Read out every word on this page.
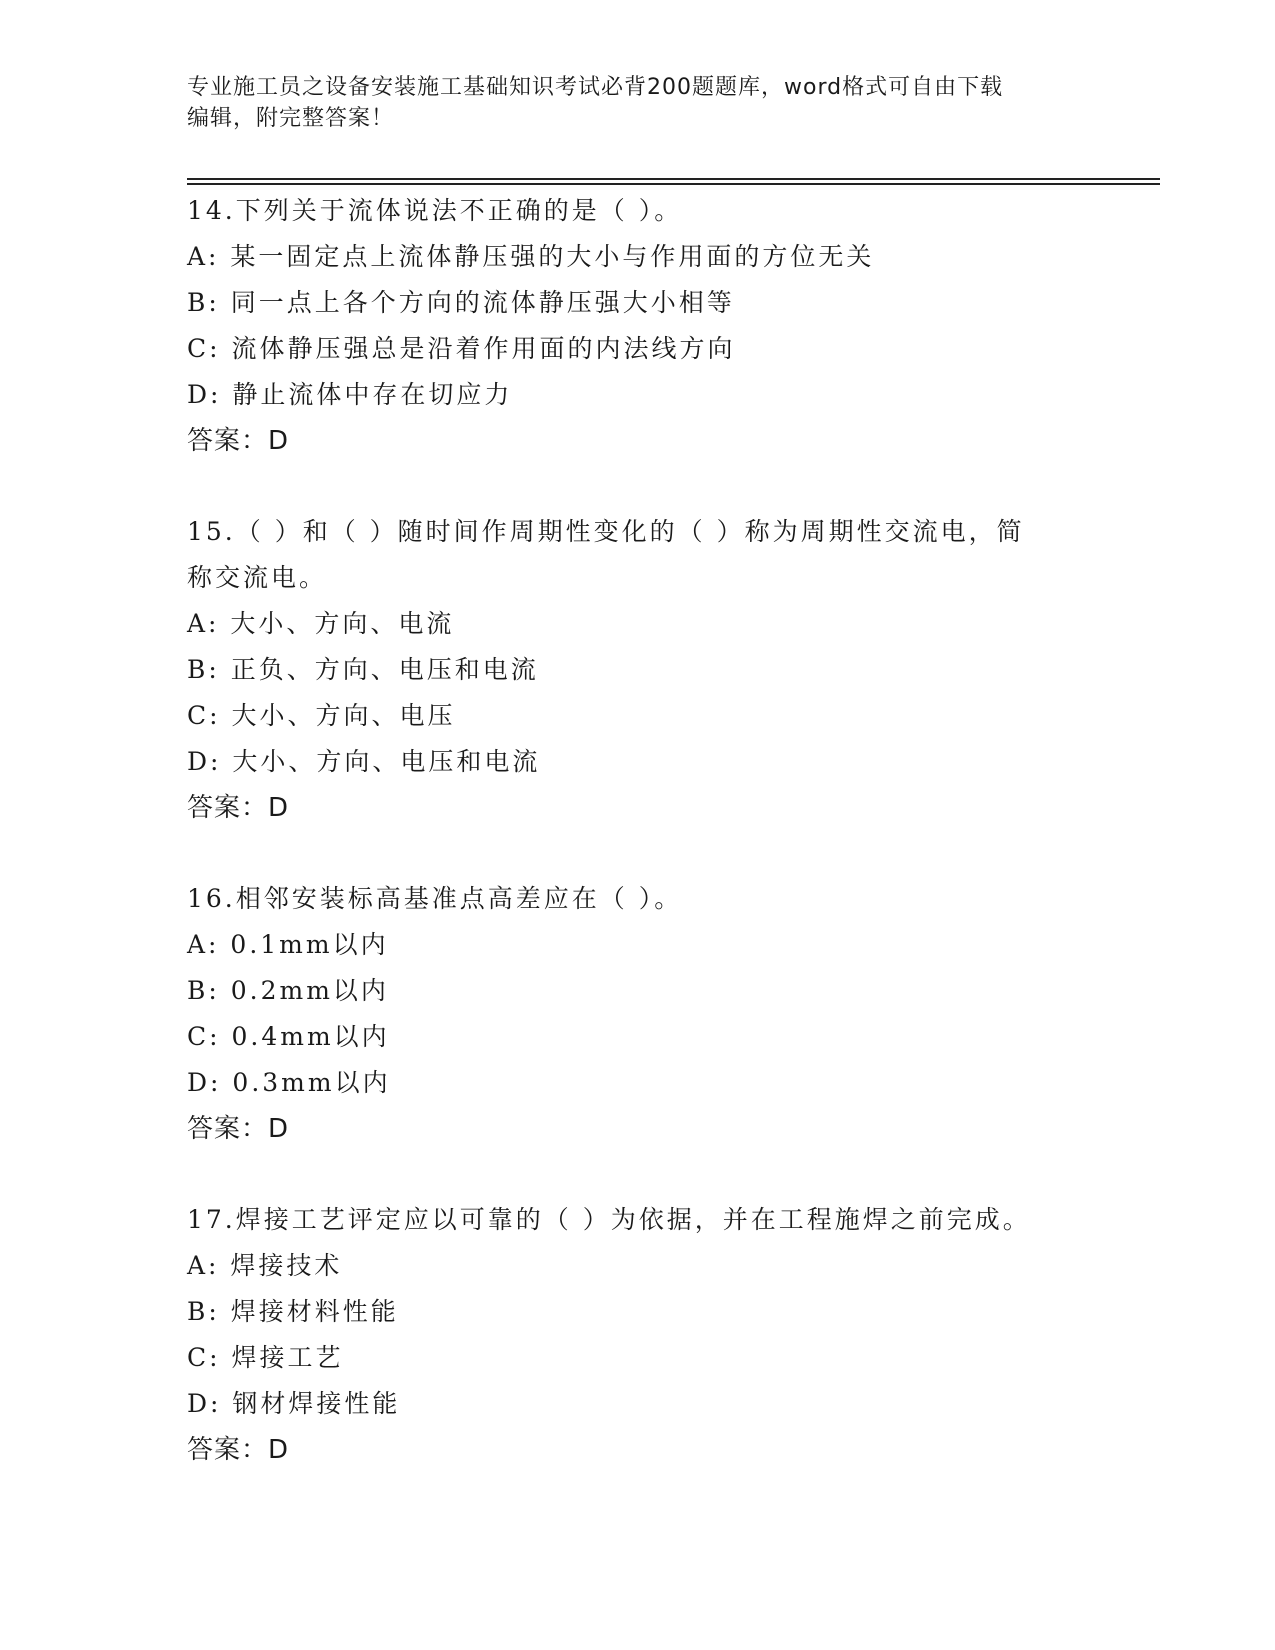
专业施工员之设备安装施工基础知识考试必背200题题库，word格式可自由下载
编辑，附完整答案！
14.下列关于流体说法不正确的是（ ）。
A: 某一固定点上流体静压强的大小与作用面的方位无关
B: 同一点上各个方向的流体静压强大小相等
C: 流体静压强总是沿着作用面的内法线方向
D: 静止流体中存在切应力
答案：D
15.（ ）和（ ）随时间作周期性变化的（ ）称为周期性交流电，简
称交流电。
A: 大小、方向、电流
B: 正负、方向、电压和电流
C: 大小、方向、电压
D: 大小、方向、电压和电流
答案：D
16.相邻安装标高基准点高差应在（ ）。
A: 0.1mm以内
B: 0.2mm以内
C: 0.4mm以内
D: 0.3mm以内
答案：D
17.焊接工艺评定应以可靠的（ ）为依据，并在工程施焊之前完成。
A: 焊接技术
B: 焊接材料性能
C: 焊接工艺
D: 钢材焊接性能
答案：D
